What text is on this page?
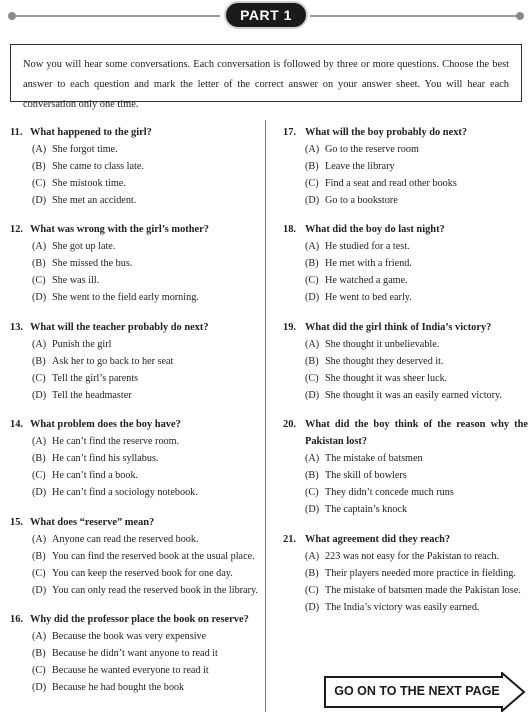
PART 1
Now you will hear some conversations. Each conversation is followed by three or more questions. Choose the best answer to each question and mark the letter of the correct answer on your answer sheet. You will hear each conversation only one time.
11. What happened to the girl?
(A) She forgot time.
(B) She came to class late.
(C) She mistook time.
(D) She met an accident.
12. What was wrong with the girl’s mother?
(A) She got up late.
(B) She missed the bus.
(C) She was ill.
(D) She went to the field early morning.
13. What will the teacher probably do next?
(A) Punish the girl
(B) Ask her to go back to her seat
(C) Tell the girl’s parents
(D) Tell the headmaster
14. What problem does the boy have?
(A) He can’t find the reserve room.
(B) He can’t find his syllabus.
(C) He can’t find a book.
(D) He can’t find a sociology notebook.
15. What does “reserve” mean?
(A) Anyone can read the reserved book.
(B) You can find the reserved book at the usual place.
(C) You can keep the reserved book for one day.
(D) You can only read the reserved book in the library.
16. Why did the professor place the book on reserve?
(A) Because the book was very expensive
(B) Because he didn’t want anyone to read it
(C) Because he wanted everyone to read it
(D) Because he had bought the book
17. What will the boy probably do next?
(A) Go to the reserve room
(B) Leave the library
(C) Find a seat and read other books
(D) Go to a bookstore
18. What did the boy do last night?
(A) He studied for a test.
(B) He met with a friend.
(C) He watched a game.
(D) He went to bed early.
19. What did the girl think of India’s victory?
(A) She thought it unbelievable.
(B) She thought they deserved it.
(C) She thought it was sheer luck.
(D) She thought it was an easily earned victory.
20. What did the boy think of the reason why the
Pakistan lost?
(A) The mistake of batsmen
(B) The skill of bowlers
(C) They didn’t concede much runs
(D) The captain’s knock
21. What agreement did they reach?
(A) 223 was not easy for the Pakistan to reach.
(B) Their players needed more practice in fielding.
(C) The mistake of batsmen made the Pakistan lose.
(D) The India’s victory was easily earned.
GO ON TO THE NEXT PAGE
